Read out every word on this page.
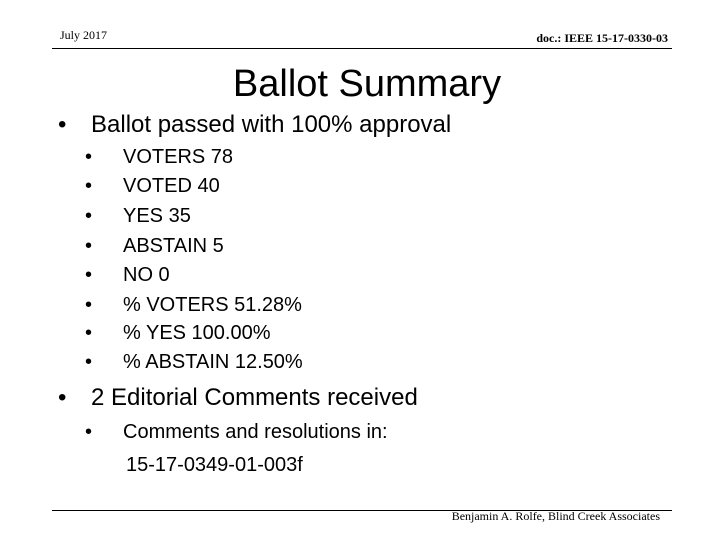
July 2017	doc.: IEEE 15-17-0330-03
Ballot Summary
• Ballot passed with 100% approval
• VOTERS 78
• VOTED 40
• YES 35
• ABSTAIN 5
• NO 0
• % VOTERS 51.28%
• % YES 100.00%
• % ABSTAIN 12.50%
• 2 Editorial Comments received
• Comments and resolutions in:
15-17-0349-01-003f
Benjamin A. Rolfe, Blind Creek Associates
